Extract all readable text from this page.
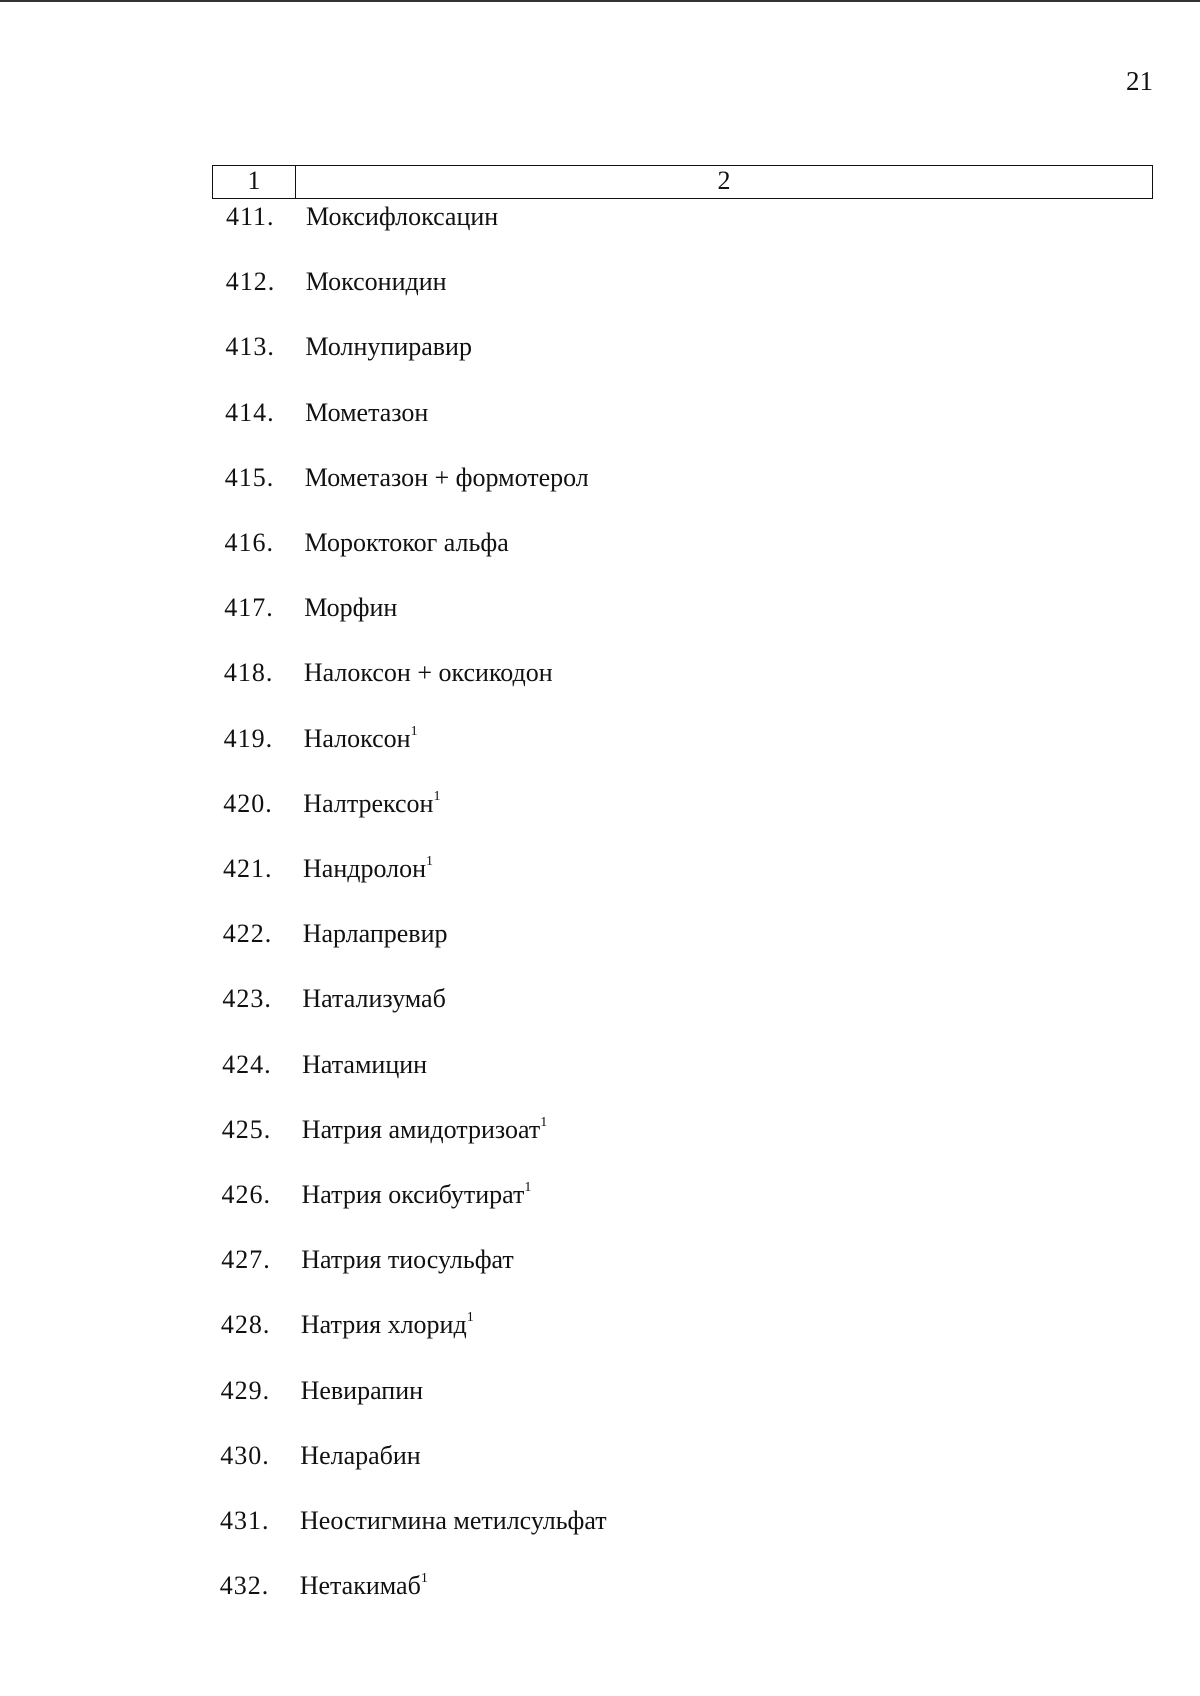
21
1	2
411.	Моксифлоксацин
412.	Моксонидин
413.	Молнупиравир
414.	Мометазон
415.	Мометазон + формотерол
416.	Мороктоког альфа
417.	Морфин
418.	Налоксон + оксикодон
419.	Налоксон$^1$
420.	Налтрексон$^1$
421.	Нандролон$^1$
422.	Нарлапревир
423.	Натализумаб
424.	Натамицин
425.	Натрия амидотризоат$^1$
426.	Натрия оксибутират$^1$
427.	Натрия тиосульфат
428.	Натрия хлорид$^1$
429.	Невирапин
430.	Неларабин
431.	Неостигмина метилсульфат
432.	Нетакимаб$^1$
